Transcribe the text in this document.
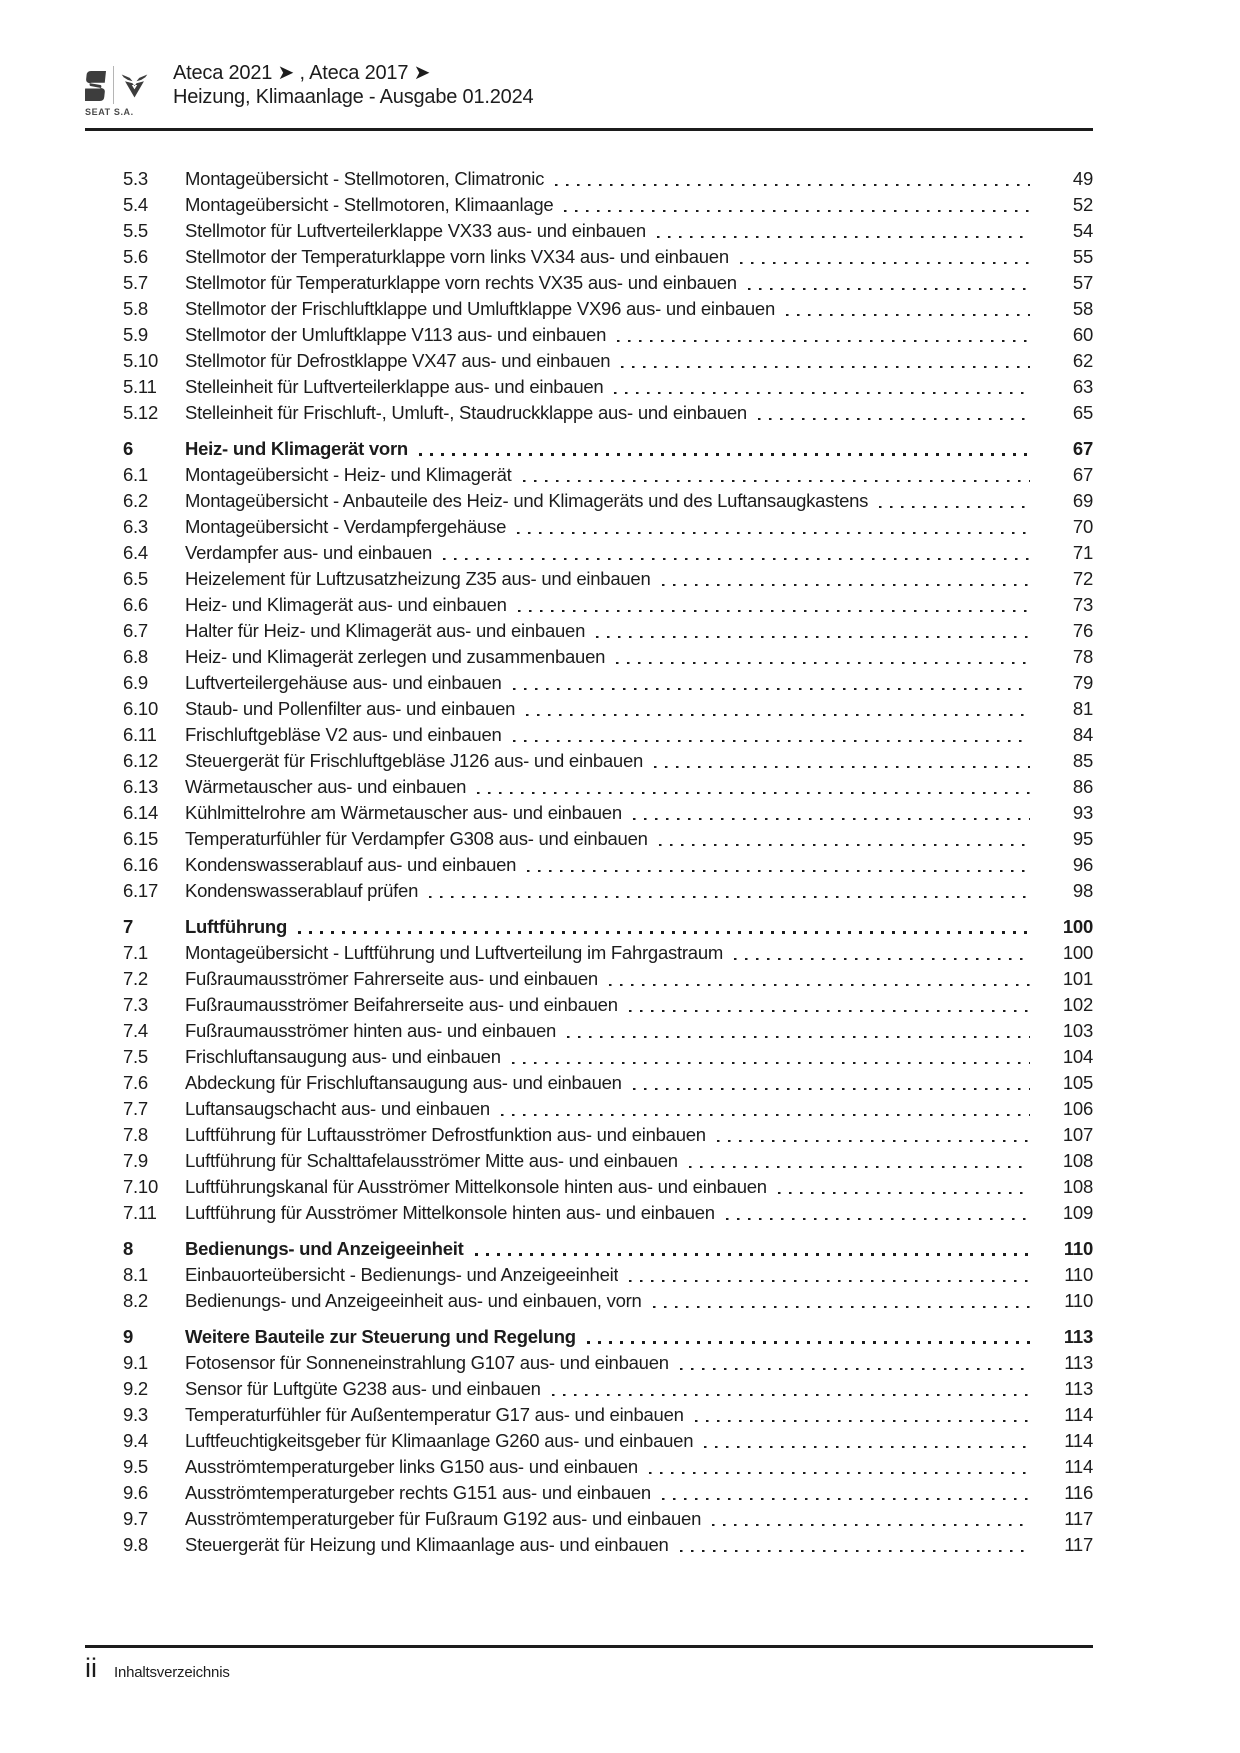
SEAT S.A.
Ateca 2021 ➤ , Ateca 2017 ➤
Heizung, Klimaanlage - Ausgabe 01.2024
5.3	Montageübersicht - Stellmotoren, Climatronic	49
5.4	Montageübersicht - Stellmotoren, Klimaanlage	52
5.5	Stellmotor für Luftverteilerklappe VX33 aus- und einbauen	54
5.6	Stellmotor der Temperaturklappe vorn links VX34 aus- und einbauen	55
5.7	Stellmotor für Temperaturklappe vorn rechts VX35 aus- und einbauen	57
5.8	Stellmotor der Frischluftklappe und Umluftklappe VX96 aus- und einbauen	58
5.9	Stellmotor der Umluftklappe V113 aus- und einbauen	60
5.10	Stellmotor für Defrostklappe VX47 aus- und einbauen	62
5.11	Stelleinheit für Luftverteilerklappe aus- und einbauen	63
5.12	Stelleinheit für Frischluft-, Umluft-, Staudruckklappe aus- und einbauen	65
6	Heiz- und Klimagerät vorn	67
6.1	Montageübersicht - Heiz- und Klimagerät	67
6.2	Montageübersicht - Anbauteile des Heiz- und Klimageräts und des Luftansaugkastens	69
6.3	Montageübersicht - Verdampfergehäuse	70
6.4	Verdampfer aus- und einbauen	71
6.5	Heizelement für Luftzusatzheizung Z35 aus- und einbauen	72
6.6	Heiz- und Klimagerät aus- und einbauen	73
6.7	Halter für Heiz- und Klimagerät aus- und einbauen	76
6.8	Heiz- und Klimagerät zerlegen und zusammenbauen	78
6.9	Luftverteilergehäuse aus- und einbauen	79
6.10	Staub- und Pollenfilter aus- und einbauen	81
6.11	Frischluftgebläse V2 aus- und einbauen	84
6.12	Steuergerät für Frischluftgebläse J126 aus- und einbauen	85
6.13	Wärmetauscher aus- und einbauen	86
6.14	Kühlmittelrohre am Wärmetauscher aus- und einbauen	93
6.15	Temperaturfühler für Verdampfer G308 aus- und einbauen	95
6.16	Kondenswasserablauf aus- und einbauen	96
6.17	Kondenswasserablauf prüfen	98
7	Luftführung	100
7.1	Montageübersicht - Luftführung und Luftverteilung im Fahrgastraum	100
7.2	Fußraumausströmer Fahrerseite aus- und einbauen	101
7.3	Fußraumausströmer Beifahrerseite aus- und einbauen	102
7.4	Fußraumausströmer hinten aus- und einbauen	103
7.5	Frischluftansaugung aus- und einbauen	104
7.6	Abdeckung für Frischluftansaugung aus- und einbauen	105
7.7	Luftansaugschacht aus- und einbauen	106
7.8	Luftführung für Luftausströmer Defrostfunktion aus- und einbauen	107
7.9	Luftführung für Schalttafelausströmer Mitte aus- und einbauen	108
7.10	Luftführungskanal für Ausströmer Mittelkonsole hinten aus- und einbauen	108
7.11	Luftführung für Ausströmer Mittelkonsole hinten aus- und einbauen	109
8	Bedienungs- und Anzeigeeinheit	110
8.1	Einbauorteübersicht - Bedienungs- und Anzeigeeinheit	110
8.2	Bedienungs- und Anzeigeeinheit aus- und einbauen, vorn	110
9	Weitere Bauteile zur Steuerung und Regelung	113
9.1	Fotosensor für Sonneneinstrahlung G107 aus- und einbauen	113
9.2	Sensor für Luftgüte G238 aus- und einbauen	113
9.3	Temperaturfühler für Außentemperatur G17 aus- und einbauen	114
9.4	Luftfeuchtigkeitsgeber für Klimaanlage G260 aus- und einbauen	114
9.5	Ausströmtemperaturgeber links G150 aus- und einbauen	114
9.6	Ausströmtemperaturgeber rechts G151 aus- und einbauen	116
9.7	Ausströmtemperaturgeber für Fußraum G192 aus- und einbauen	117
9.8	Steuergerät für Heizung und Klimaanlage aus- und einbauen	117
ii Inhaltsverzeichnis
